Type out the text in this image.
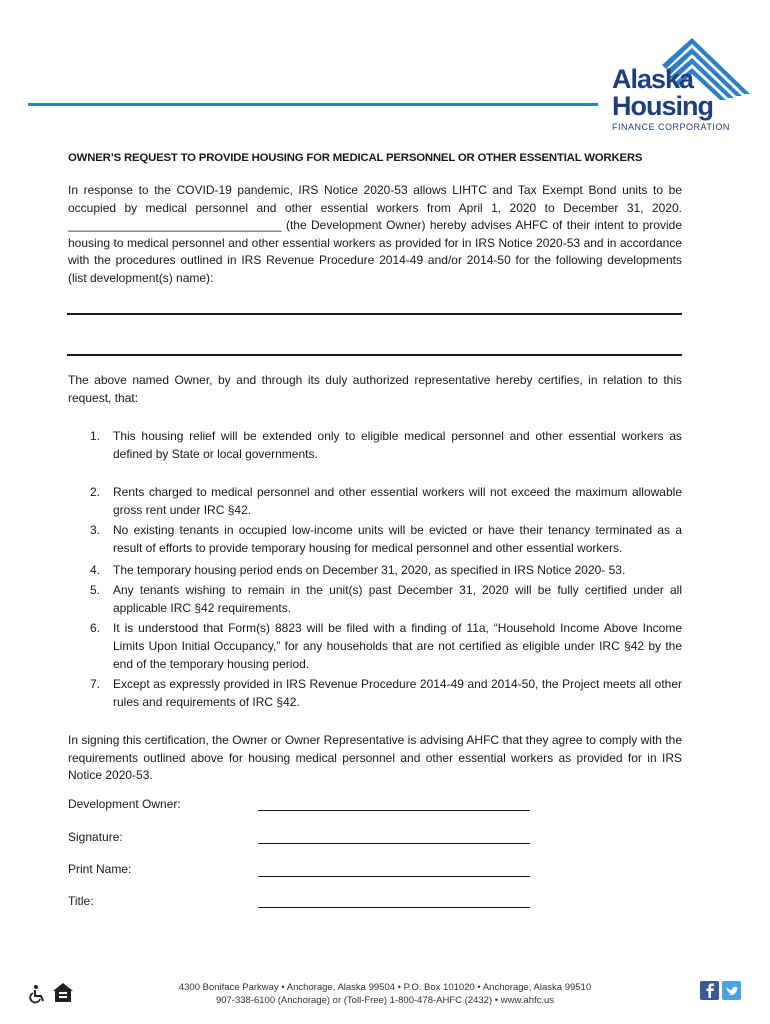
Alaska
Housing
FINANCE CORPORATION
OWNER’S REQUEST TO PROVIDE HOUSING FOR MEDICAL PERSONNEL OR OTHER ESSENTIAL WORKERS
In response to the COVID-19 pandemic, IRS Notice 2020-53 allows LIHTC and Tax Exempt Bond units to be occupied by medical personnel and other essential workers from April 1, 2020 to December 31, 2020. ________________________________ (the Development Owner) hereby advises AHFC of their intent to provide housing to medical personnel and other essential workers as provided for in IRS Notice 2020-53 and in accordance with the procedures outlined in IRS Revenue Procedure 2014-49 and/or 2014-50 for the following developments (list development(s) name):
The above named Owner, by and through its duly authorized representative hereby certifies, in relation to this request, that:
1. This housing relief will be extended only to eligible medical personnel and other essential workers as defined by State or local governments.
2. Rents charged to medical personnel and other essential workers will not exceed the maximum allowable gross rent under IRC §42.
3. No existing tenants in occupied low-income units will be evicted or have their tenancy terminated as a result of efforts to provide temporary housing for medical personnel and other essential workers.
4. The temporary housing period ends on December 31, 2020, as specified in IRS Notice 2020- 53.
5. Any tenants wishing to remain in the unit(s) past December 31, 2020 will be fully certified under all applicable IRC §42 requirements.
6. It is understood that Form(s) 8823 will be filed with a finding of 11a, “Household Income Above Income Limits Upon Initial Occupancy,” for any households that are not certified as eligible under IRC §42 by the end of the temporary housing period.
7. Except as expressly provided in IRS Revenue Procedure 2014-49 and 2014-50, the Project meets all other rules and requirements of IRC §42.
In signing this certification, the Owner or Owner Representative is advising AHFC that they agree to comply with the requirements outlined above for housing medical personnel and other essential workers as provided for in IRS Notice 2020-53.
Development Owner:
Signature:
Print Name:
Title:
4300 Boniface Parkway • Anchorage, Alaska 99504 • P.O. Box 101020 • Anchorage, Alaska 99510
907-338-6100 (Anchorage) or (Toll-Free) 1-800-478-AHFC (2432) • www.ahfc.us
